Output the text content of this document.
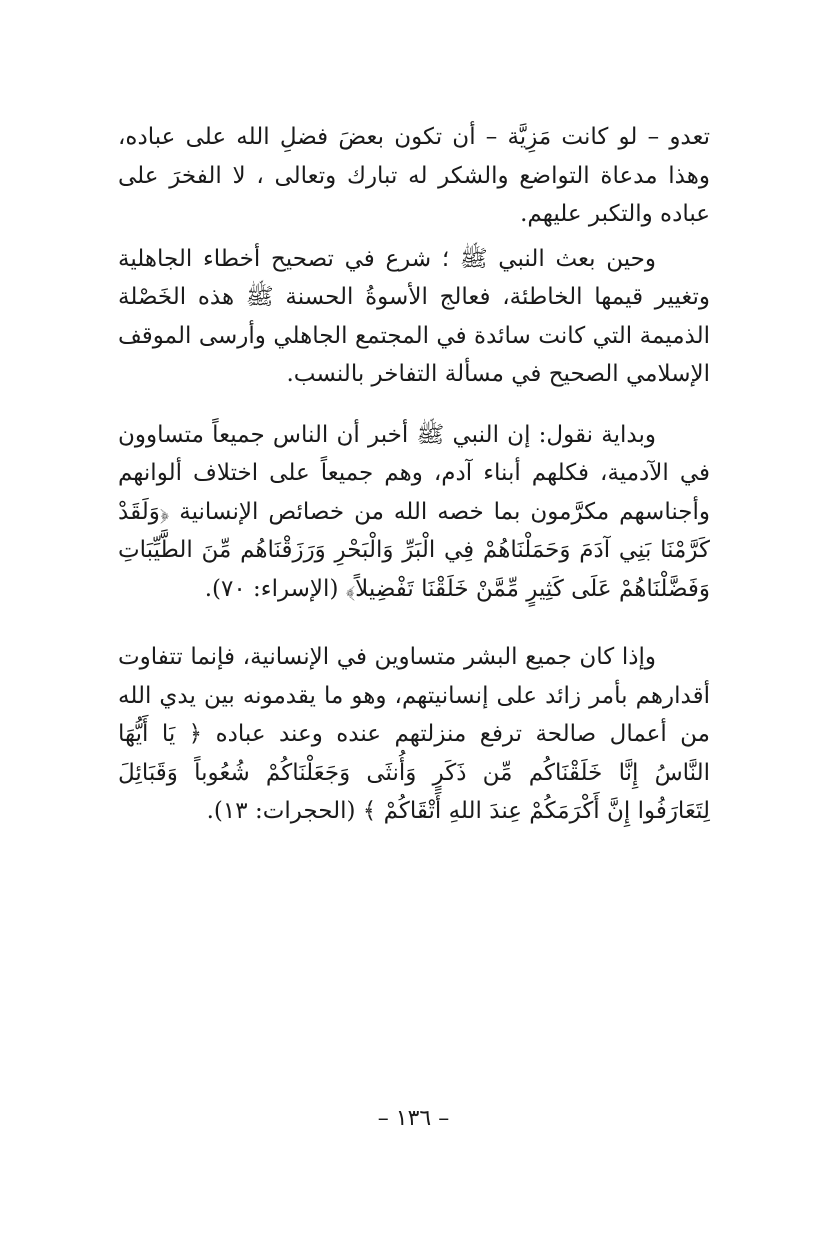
تعدو – لو كانت مَزِيَّة – أن تكون بعضَ فضلِ الله على عباده، وهذا مدعاة التواضع والشكر له تبارك وتعالى ، لا الفخرَ على عباده والتكبر عليهم.

وحين بعث النبي ﷺ ؛ شرع في تصحيح أخطاء الجاهلية وتغيير قيمها الخاطئة، فعالج الأسوةُ الحسنة ﷺ هذه الخَصْلة الذميمة التي كانت سائدة في المجتمع الجاهلي وأرسى الموقف الإسلامي الصحيح في مسألة التفاخر بالنسب.

وبداية نقول: إن النبي ﷺ أخبر أن الناس جميعاً متساوون في الآدمية، فكلهم أبناء آدم، وهم جميعاً على اختلاف ألوانهم وأجناسهم مكرَّمون بما خصه الله من خصائص الإنسانية ﴿وَلَقَدْ كَرَّمْنَا بَنِي آدَمَ وَحَمَلْنَاهُمْ فِي الْبَرِّ وَالْبَحْرِ وَرَزَقْنَاهُم مِّنَ الطَّيِّبَاتِ وَفَضَّلْنَاهُمْ عَلَى كَثِيرٍ مِّمَّنْ خَلَقْنَا تَفْضِيلاً﴾ (الإسراء: ٧٠).

وإذا كان جميع البشر متساوين في الإنسانية، فإنما تتفاوت أقدارهم بأمر زائد على إنسانيتهم، وهو ما يقدمونه بين يدي الله من أعمال صالحة ترفع منزلتهم عنده وعند عباده ﴿ يَا أَيُّهَا النَّاسُ إِنَّا خَلَقْنَاكُم مِّن ذَكَرٍ وَأُنثَى وَجَعَلْنَاكُمْ شُعُوباً وَقَبَائِلَ لِتَعَارَفُوا إِنَّ أَكْرَمَكُمْ عِندَ اللهِ أَتْقَاكُمْ ﴾ (الحجرات: ١٣).

– ١٣٦ –
